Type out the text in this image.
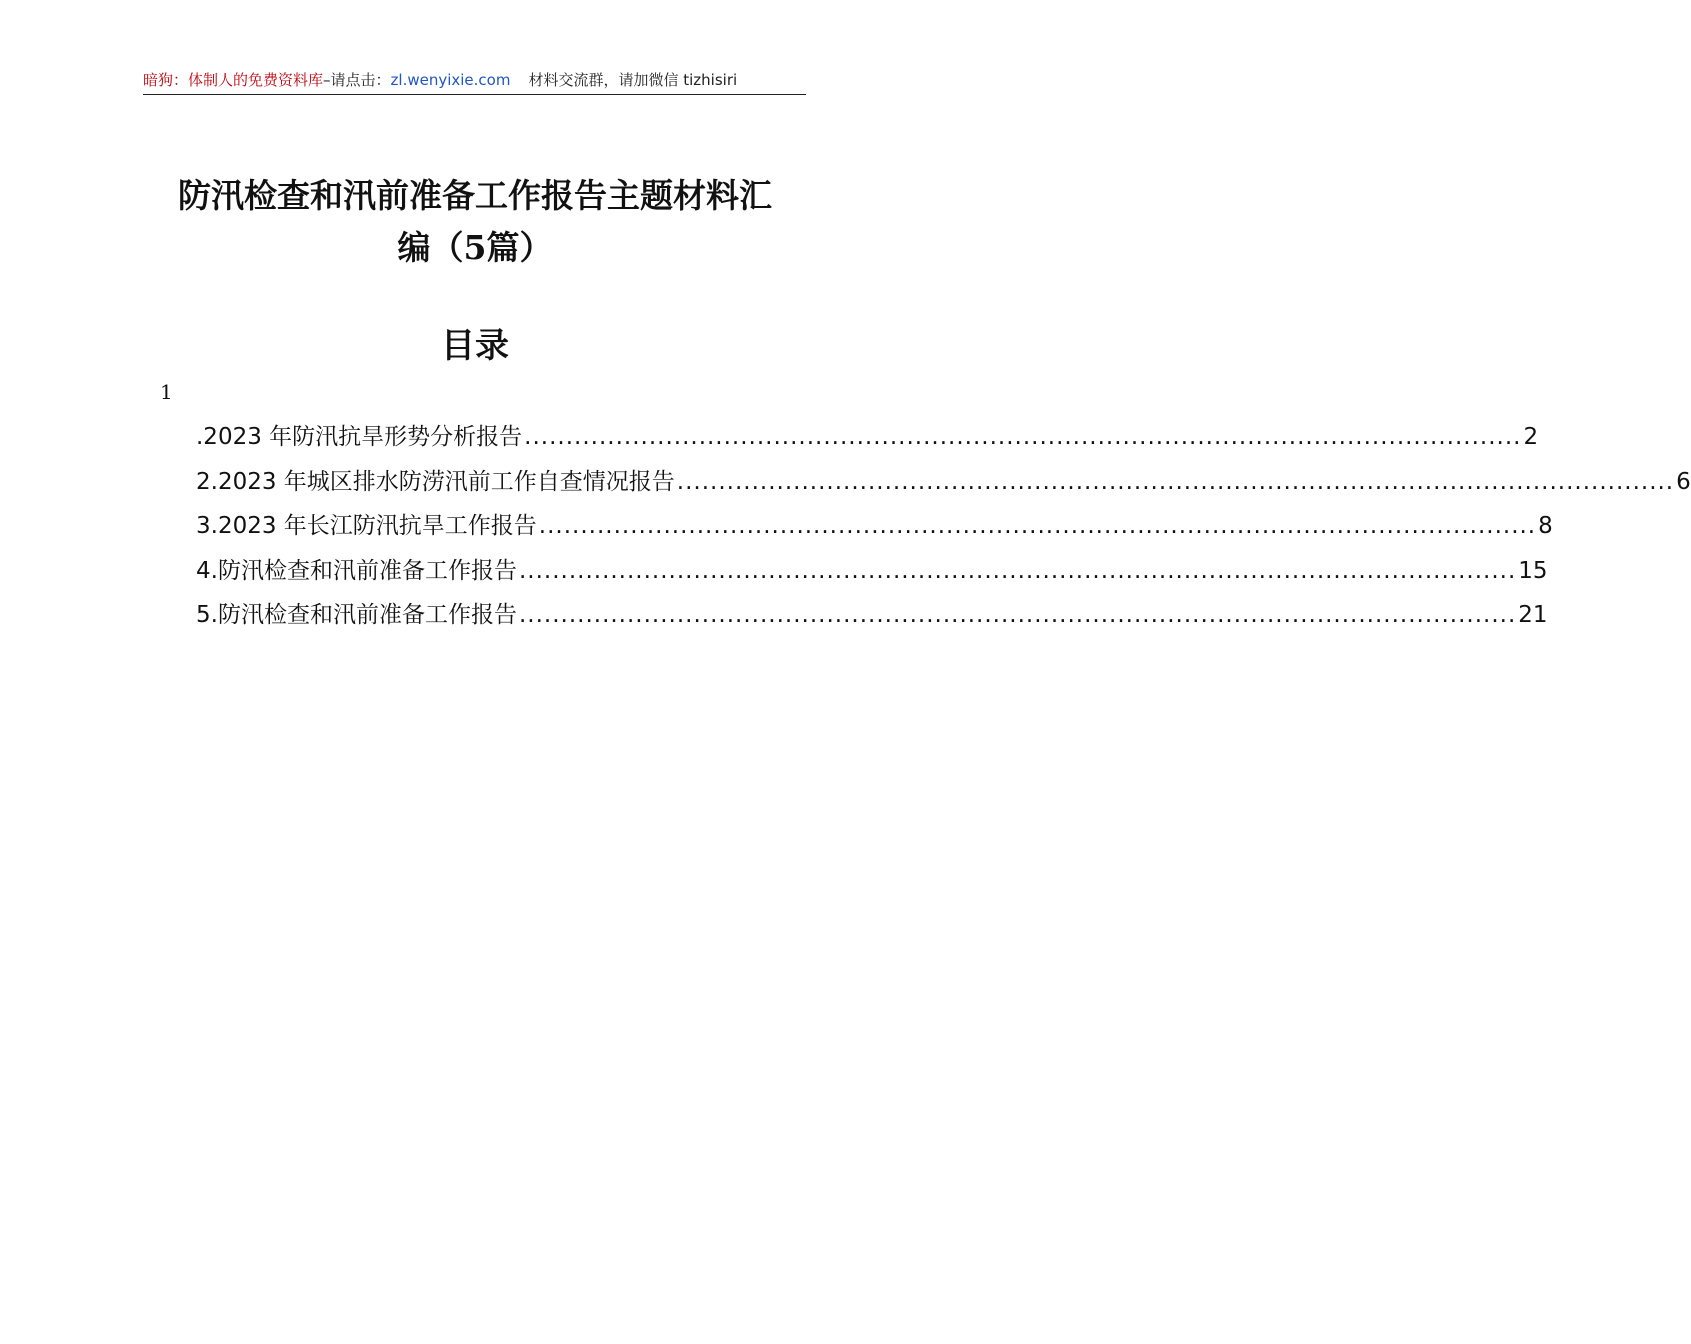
暗狗：体制人的免费资料库–请点击：zl.wenyixie.com 材料交流群，请加微信 tizhisiri
防汛检查和汛前准备工作报告主题材料汇
编（5篇）
目录
1
.2023 年防汛抗旱形势分析报告 ........................................................................................................................ 2
2.2023 年城区排水防涝汛前工作自查情况报告 ........................................................................................................................ 6
3.2023 年长江防汛抗旱工作报告 ........................................................................................................................ 8
4.防汛检查和汛前准备工作报告 ........................................................................................................................ 15
5.防汛检查和汛前准备工作报告 ........................................................................................................................ 21
